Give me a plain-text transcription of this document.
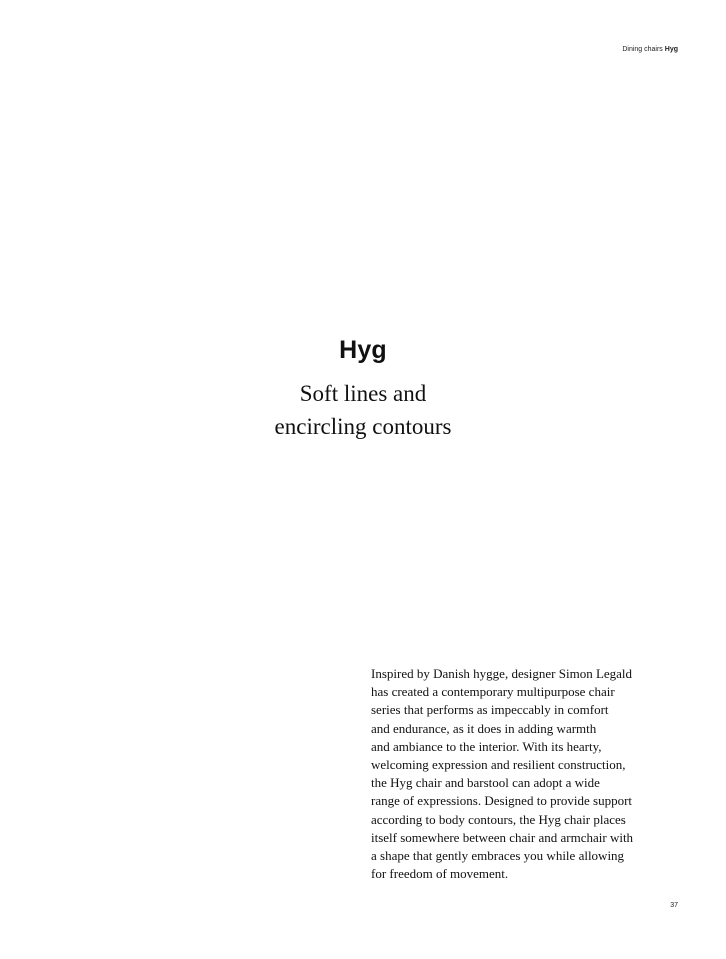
Dining chairs Hyg
Hyg
Soft lines and
encircling contours
Inspired by Danish hygge, designer Simon Legald
has created a contemporary multipurpose chair
series that performs as impeccably in comfort
and endurance, as it does in adding warmth
and ambiance to the interior. With its hearty,
welcoming expression and resilient construction,
the Hyg chair and barstool can adopt a wide
range of expressions. Designed to provide support
according to body contours, the Hyg chair places
itself somewhere between chair and armchair with
a shape that gently embraces you while allowing
for freedom of movement.
37
